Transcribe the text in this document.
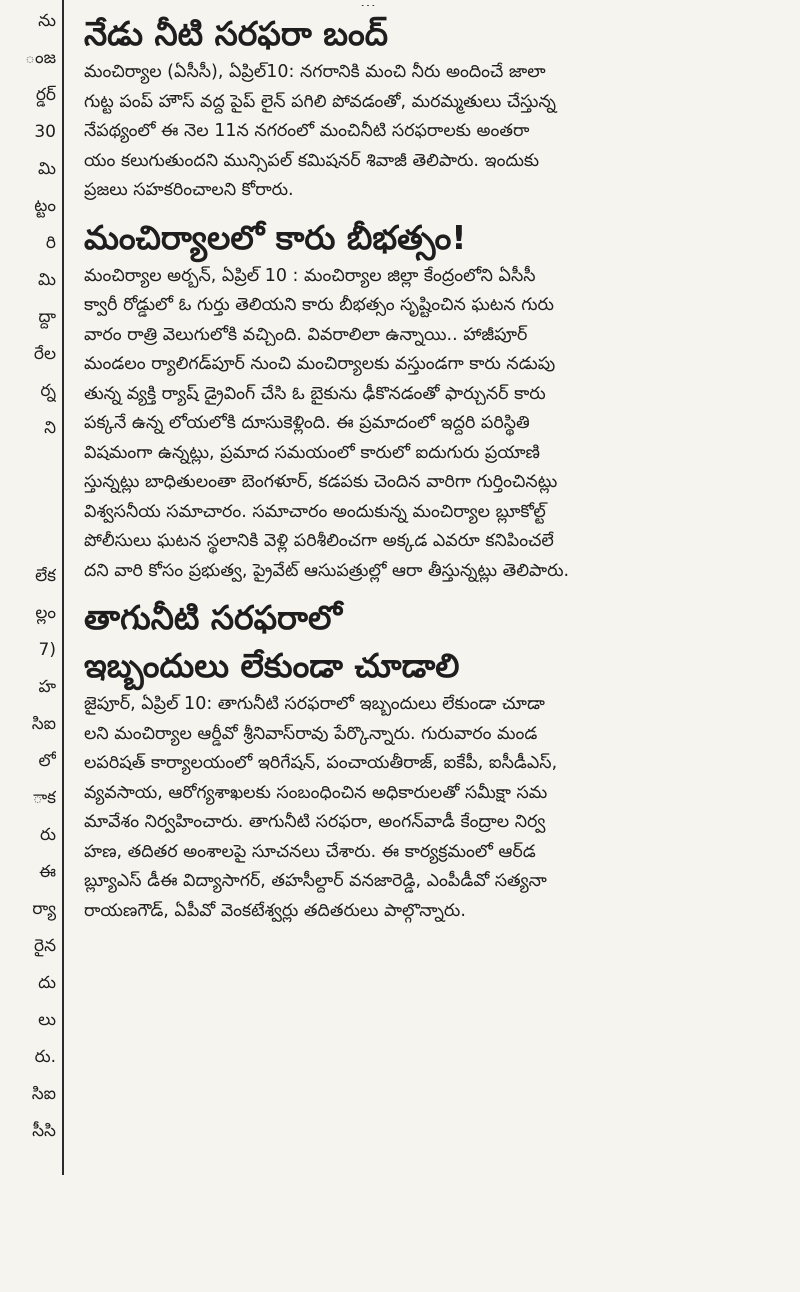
ను
ంజ
ర్డర్
30
మి
ట్టం
రి
మి
ద్దా
రేల
ర్న
ని
లేక
ల్లం
7)
హ
సిఐ
లో
ాక
రు
ఈ
ర్యా
రైన
దు
లు
రు.
సిఐ
సీసి
నేడు నీటి సరఫరా బంద్‌
మంచిర్యాల (ఏసీసీ), ఏప్రిల్‌10: నగరానికి మంచి నీరు అందించే జాలా
గుట్ట పంప్‌ హౌస్‌ వద్ద పైప్‌ లైన్‌ పగిలి పోవడంతో, మరమ్మతులు చేస్తున్న
నేపథ్యంలో ఈ నెల 11న నగరంలో మంచినీటి సరఫరాలకు అంతరా
యం కలుగుతుందని మున్సిపల్‌ కమిషనర్‌ శివాజీ తెలిపారు. ఇందుకు
ప్రజలు సహకరించాలని కోరారు.
మంచిర్యాలలో కారు బీభత్సం!
మంచిర్యాల అర్బన్‌, ఏప్రిల్‌ 10 : మంచిర్యాల జిల్లా కేంద్రంలోని ఏసీసీ
క్వారీ రోడ్డులో ఓ గుర్తు తెలియని కారు బీభత్సం సృష్టించిన ఘటన గురు
వారం రాత్రి వెలుగులోకి వచ్చింది. వివరాలిలా ఉన్నాయి.. హాజీపూర్‌
మండలం ర్యాలిగడ్‌పూర్‌ నుంచి మంచిర్యాలకు వస్తుండగా కారు నడుపు
తున్న వ్యక్తి ర్యాష్‌ డ్రైవింగ్‌ చేసి ఓ బైకును ఢీకొనడంతో ఫార్చునర్‌ కారు
పక్కనే ఉన్న లోయలోకి దూసుకెళ్లింది. ఈ ప్రమాదంలో ఇద్దరి పరిస్థితి
విషమంగా ఉన్నట్లు, ప్రమాద సమయంలో కారులో ఐదుగురు ప్రయాణి
స్తున్నట్లు బాధితులంతా బెంగళూర్‌, కడపకు చెందిన వారిగా గుర్తించినట్లు
విశ్వసనీయ సమాచారం. సమాచారం అందుకున్న మంచిర్యాల బ్లూకోల్ట్‌
పోలీసులు ఘటన స్థలానికి వెళ్లి పరిశీలించగా అక్కడ ఎవరూ కనిపించలే
దని వారి కోసం ప్రభుత్వ, ప్రైవేట్‌ ఆసుపత్రుల్లో ఆరా తీస్తున్నట్లు తెలిపారు.
తాగునీటి సరఫరాలో
ఇబ్బందులు లేకుండా చూడాలి
జైపూర్‌, ఏప్రిల్‌ 10: తాగునీటి సరఫరాలో ఇబ్బందులు లేకుండా చూడా
లని మంచిర్యాల ఆర్డీవో శ్రీనివాస్‌రావు పేర్కొన్నారు. గురువారం మండ
లపరిషత్‌ కార్యాలయంలో ఇరిగేషన్‌, పంచాయతీరాజ్‌, ఐకేపీ, ఐసీడీఎస్‌,
వ్యవసాయ, ఆరోగ్యశాఖలకు సంబంధించిన అధికారులతో సమీక్షా సమ
మావేశం నిర్వహించారు. తాగునీటి సరఫరా, అంగన్‌వాడీ కేంద్రాల నిర్వ
హణ, తదితర అంశాలపై సూచనలు చేశారు. ఈ కార్యక్రమంలో ఆర్‌డ
బ్ల్యూఎస్‌ డీఈ విద్యాసాగర్‌, తహసీల్దార్‌ వనజారెడ్డి, ఎంపీడీవో సత్యనా
రాయణగౌడ్‌, ఏపీవో వెంకటేశ్వర్లు తదితరులు పాల్గొన్నారు.
